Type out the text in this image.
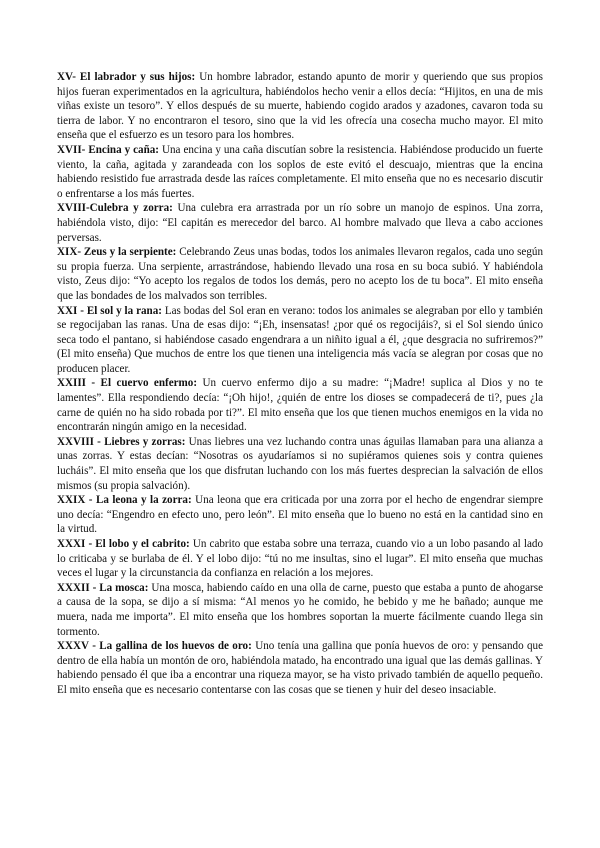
XV- El labrador y sus hijos: Un hombre labrador, estando apunto de morir y queriendo que sus propios hijos fueran experimentados en la agricultura, habiéndolos hecho venir a ellos decía: “Hijitos, en una de mis viñas existe un tesoro”. Y ellos después de su muerte, habiendo cogido arados y azadones, cavaron toda su tierra de labor. Y no encontraron el tesoro, sino que la vid les ofrecía una cosecha mucho mayor. El mito enseña que el esfuerzo es un tesoro para los hombres.

XVII- Encina y caña: Una encina y una caña discutían sobre la resistencia. Habiéndose producido un fuerte viento, la caña, agitada y zarandeada con los soplos de este evitó el descuajo, mientras que la encina habiendo resistido fue arrastrada desde las raíces completamente. El mito enseña que no es necesario discutir o enfrentarse a los más fuertes.

XVIII-Culebra y zorra: Una culebra era arrastrada por un río sobre un manojo de espinos. Una zorra, habiéndola visto, dijo: “El capitán es merecedor del barco. Al hombre malvado que lleva a cabo acciones perversas.

XIX- Zeus y la serpiente: Celebrando Zeus unas bodas, todos los animales llevaron regalos, cada uno según su propia fuerza. Una serpiente, arrastrándose, habiendo llevado una rosa en su boca subió. Y habiéndola visto, Zeus dijo: “Yo acepto los regalos de todos los demás, pero no acepto los de tu boca”. El mito enseña que las bondades de los malvados son terribles.

XXI - El sol y la rana: Las bodas del Sol eran en verano: todos los animales se alegraban por ello y también se regocijaban las ranas. Una de esas dijo: “¡Eh, insensatas! ¿por qué os regocijáis?, si el Sol siendo único seca todo el pantano, si habiéndose casado engendrara a un niñito igual a él, ¿que desgracia no sufriremos?” (El mito enseña) Que muchos de entre los que tienen una inteligencia más vacía se alegran por cosas que no producen placer.

XXIII - El cuervo enfermo: Un cuervo enfermo dijo a su madre: “¡Madre! suplica al Dios y no te lamentes”. Ella respondiendo decía: “¡Oh hijo!, ¿quién de entre los dioses se compadecerá de ti?, pues ¿la carne de quién no ha sido robada por ti?”. El mito enseña que los que tienen muchos enemigos en la vida no encontrarán ningún amigo en la necesidad.

XXVIII - Liebres y zorras: Unas liebres una vez luchando contra unas águilas llamaban para una alianza a unas zorras. Y estas decían: “Nosotras os ayudaríamos si no supiéramos quienes sois y contra quienes lucháis”. El mito enseña que los que disfrutan luchando con los más fuertes desprecian la salvación de ellos mismos (su propia salvación).

XXIX - La leona y la zorra: Una leona que era criticada por una zorra por el hecho de engendrar siempre uno decía: “Engendro en efecto uno, pero león”. El mito enseña que lo bueno no está en la cantidad sino en la virtud.

XXXI - El lobo y el cabrito: Un cabrito que estaba sobre una terraza, cuando vio a un lobo pasando al lado lo criticaba y se burlaba de él. Y el lobo dijo: “tú no me insultas, sino el lugar”. El mito enseña que muchas veces el lugar y la circunstancia da confianza en relación a los mejores.

XXXII - La mosca: Una mosca, habiendo caído en una olla de carne, puesto que estaba a punto de ahogarse a causa de la sopa, se dijo a sí misma: “Al menos yo he comido, he bebido y me he bañado; aunque me muera, nada me importa”. El mito enseña que los hombres soportan la muerte fácilmente cuando llega sin tormento.

XXXV - La gallina de los huevos de oro: Uno tenía una gallina que ponía huevos de oro: y pensando que dentro de ella había un montón de oro, habiéndola matado, ha encontrado una igual que las demás gallinas. Y habiendo pensado él que iba a encontrar una riqueza mayor, se ha visto privado también de aquello pequeño. El mito enseña que es necesario contentarse con las cosas que se tienen y huir del deseo insaciable.
